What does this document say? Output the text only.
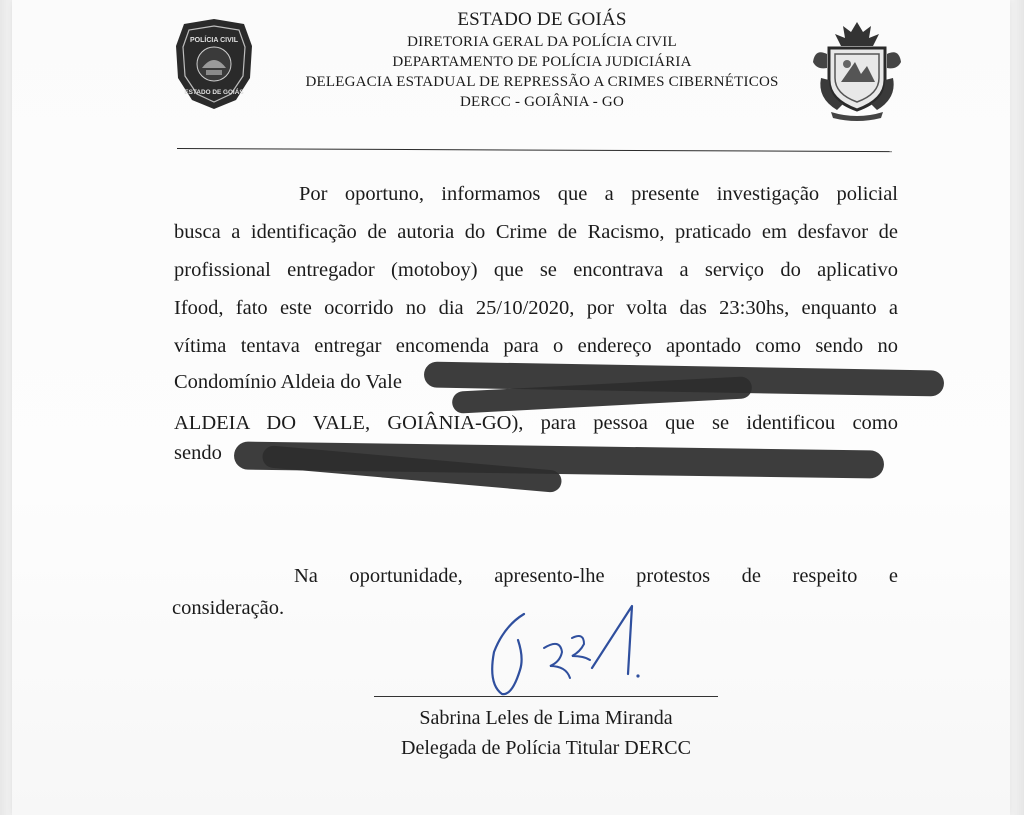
POLÍCIA CIVIL
ESTADO DE GOIÁS
ESTADO DE GOIÁS
DIRETORIA GERAL DA POLÍCIA CIVIL
DEPARTAMENTO DE POLÍCIA JUDICIÁRIA
DELEGACIA ESTADUAL DE REPRESSÃO A CRIMES CIBERNÉTICOS
DERCC - GOIÂNIA - GO
Por oportuno, informamos que a presente investigação policial
busca a identificação de autoria do Crime de Racismo, praticado em desfavor de
profissional entregador (motoboy) que se encontrava a serviço do aplicativo
Ifood, fato este ocorrido no dia 25/10/2020, por volta das 23:30hs, enquanto a
vítima tentava entregar encomenda para o endereço apontado como sendo no
Condomínio Aldeia do Vale
ALDEIA DO VALE, GOIÂNIA-GO), para pessoa que se identificou como
sendo
Na oportunidade, apresento-lhe protestos de respeito e
consideração.
Sabrina Leles de Lima Miranda
Delegada de Polícia Titular DERCC
